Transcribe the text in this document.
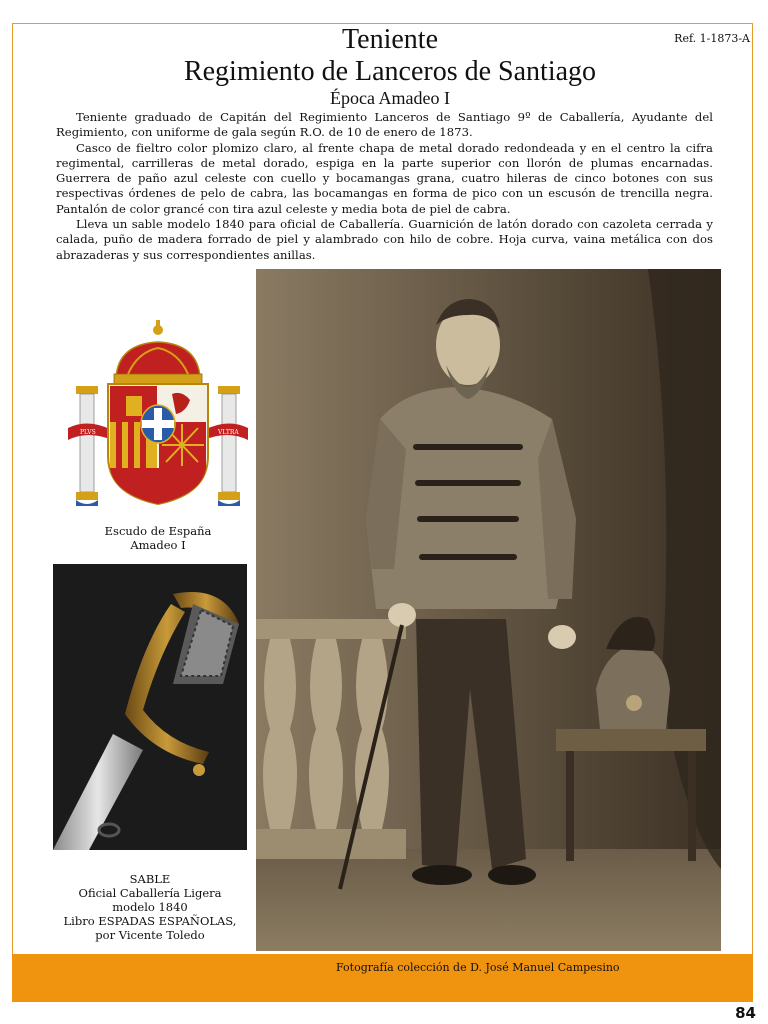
Ref. 1-1873-A
Teniente
Regimiento de Lanceros de Santiago
Época Amadeo I

Teniente graduado de Capitán del Regimiento Lanceros de Santiago 9º de Caballería, Ayudante del Regimiento, con uniforme de gala según R.O. de 10 de enero de 1873.

Casco de fieltro color plomizo claro, al frente chapa de metal dorado redondeada y en el centro la cifra regimental, carrilleras de metal dorado, espiga en la parte superior con llorón de plumas encarnadas. Guerrera de paño azul celeste con cuello y bocamangas grana, cuatro hileras de cinco botones con sus respectivas órdenes de pelo de cabra, las bocamangas en forma de pico con un escusón de trencilla negra. Pantalón de color grancé con tira azul celeste y media bota de piel de cabra.

Lleva un sable modelo 1840 para oficial de Caballería. Guarnición de latón dorado con cazoleta cerrada y calada, puño de madera forrado de piel y alambrado con hilo de cobre. Hoja curva, vaina metálica con dos abrazaderas y sus correspondientes anillas.

PLVS	VLTRA
Escudo de España
Amadeo I
SABLE
Oficial Caballería Ligera
modelo 1840
Libro ESPADAS ESPAÑOLAS,
por Vicente Toledo
Fotografía colección de D. José Manuel Campesino
84
